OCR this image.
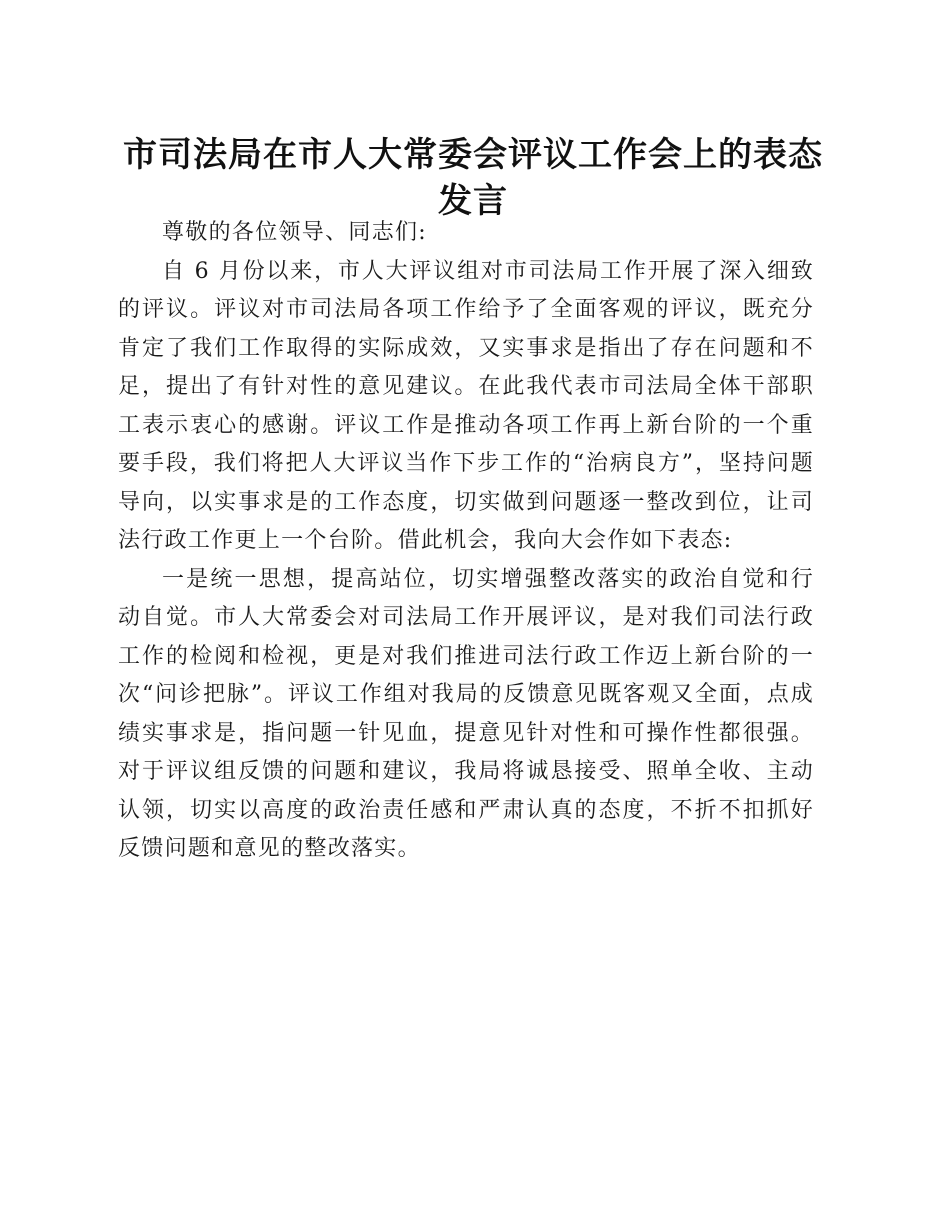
市司法局在市人大常委会评议工作会上的表态发言

尊敬的各位领导、同志们:

自 6 月份以来，市人大评议组对市司法局工作开展了深入细致的评议。评议对市司法局各项工作给予了全面客观的评议，既充分肯定了我们工作取得的实际成效，又实事求是指出了存在问题和不足，提出了有针对性的意见建议。在此我代表市司法局全体干部职工表示衷心的感谢。评议工作是推动各项工作再上新台阶的一个重要手段，我们将把人大评议当作下步工作的“治病良方”，坚持问题导向，以实事求是的工作态度，切实做到问题逐一整改到位，让司法行政工作更上一个台阶。借此机会，我向大会作如下表态:

一是统一思想，提高站位，切实增强整改落实的政治自觉和行动自觉。市人大常委会对司法局工作开展评议，是对我们司法行政工作的检阅和检视，更是对我们推进司法行政工作迈上新台阶的一次“问诊把脉”。评议工作组对我局的反馈意见既客观又全面，点成绩实事求是，指问题一针见血，提意见针对性和可操作性都很强。对于评议组反馈的问题和建议，我局将诚恳接受、照单全收、主动认领，切实以高度的政治责任感和严肃认真的态度，不折不扣抓好反馈问题和意见的整改落实。
